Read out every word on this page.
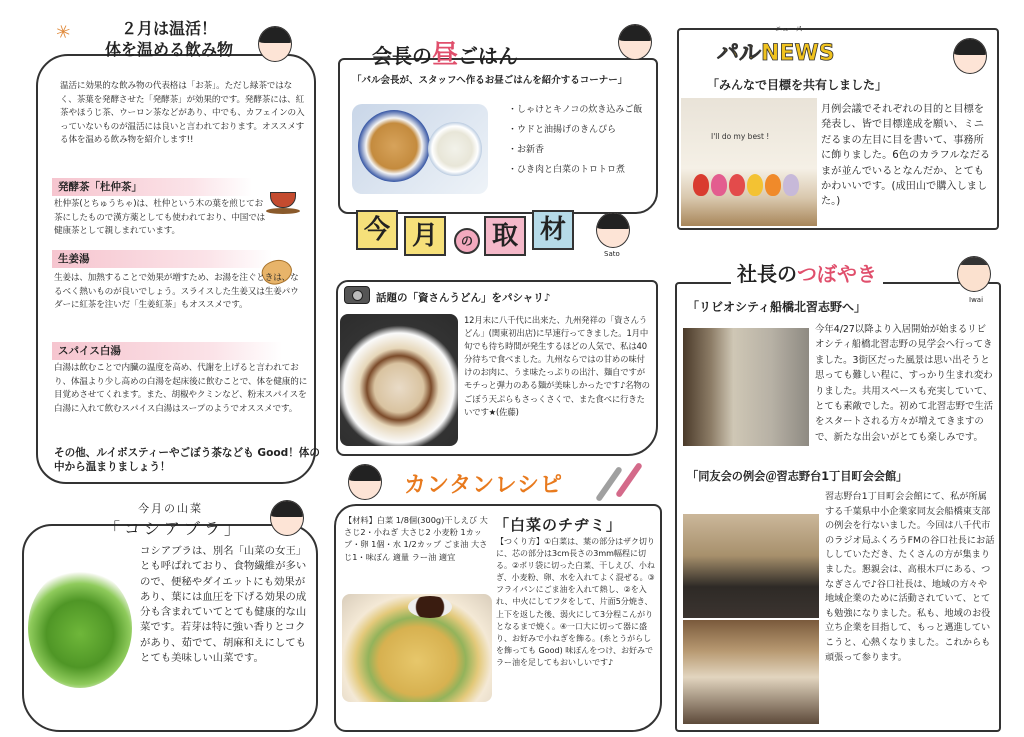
✳	２月は温活！
体を温める飲み物

温活に効果的な飲み物の代表格は「お茶」。ただし緑茶ではなく、茶葉を発酵させた「発酵茶」が効果的です。発酵茶には、紅茶やほうじ茶、ウーロン茶などがあり、中でも、カフェインの入っていないものが温活には良いと言われております。オススメする体を温める飲み物を紹介します!!

発酵茶「杜仲茶」

杜仲茶(とちゅうちゃ)は、杜仲という木の葉を煎じてお茶にしたもので漢方薬としても使われており、中国では健康茶として親しまれています。

生姜湯

生姜は、加熱することで効果が増すため、お湯を注ぐときは、なるべく熱いものが良いでしょう。スライスした生姜又は生姜パウダーに紅茶を注いだ「生姜紅茶」もオススメです。

スパイス白湯

白湯は飲むことで内臓の温度を高め、代謝を上げると言われており、体温より少し高めの白湯を起床後に飲むことで、体を健康的に目覚めさせてくれます。また、胡椒やクミンなど、粉末スパイスを白湯に入れて飲むスパイス白湯はスープのようでオススメです。

その他、ルイボスティーやごぼう茶なども Good！体の中から温まりましょう！

今月の山菜
「コシアブラ」

コシアブラは、別名「山菜の女王」とも呼ばれており、食物繊維が多いので、便秘やダイエットにも効果があり、葉には血圧を下げる効果の成分も含まれていてとても健康的な山菜です。若芽は特に強い香りとコクがあり、茹でて、胡麻和えにしてもとても美味しい山菜です。

会長の昼ごはん
「パル会長が、スタッフへ作るお昼ごはんを紹介するコーナー」
・しゃけとキノコの炊き込みご飯
・ウドと油揚げのきんぴら
・お新香
・ひき肉と白菜のトロトロ煮
今 月	の 取 材
Sato
話題の「資さんうどん」をパシャリ♪

12月末に八千代に出来た、九州発祥の「資さんうどん」(関東初出店)に早速行ってきました。1月中旬でも待ち時間が発生するほどの人気で、私は40分待ちで食べました。九州ならではの甘めの味付けのお肉に、うま味たっぷりの出汁、麺自ですがモチっと弾力のある麺が美味しかったです♪名物のごぼう天ぷらもさっくさくで、また食べに行きたいです★(佐藤)

カンタンレシピ

【材料】白菜 1/8個(300g)干しえび 大さじ2・小ねぎ 大さじ2 小麦粉 1カップ・卵 1個・水 1/2カップ ごま油 大さじ1・味ぽん 適量 ラー油 適宜

「白菜のチヂミ」

【つくり方】①白菜は、葉の部分はザク切りに、芯の部分は3cm長さの3mm幅程に切る。②ボリ袋に切った白菜、干しえび、小ねぎ、小麦粉、卵、水を入れてよく混ぜる。③フライパンにごま油を入れて熱し、②を入れ、中火にしてフタをして、片面5分焼き、上下を返した後、弱火にして3分程こんがりとなるまで焼く。④一口大に切って器に盛り、お好みで小ねぎを飾る。(糸とうがらしを飾っても Good) 味ぽんをつけ、お好みでラー油を足してもおいしいです♪

ニュース
パルNEWS
「みんなで目標を共有しました」
I'll do my best !

月例会議でそれぞれの目的と目標を発表し、皆で目標達成を願い、ミニだるまの左目に目を書いて、事務所に飾りました。6色のカラフルなだるまが並んでいるとなんだか、とてもかわいいです。(成田山で購入しました。)

社長のつぼやき
Iwai
「リビオシティ船橋北習志野へ」

今年4/27以降より入居開始が始まるリビオシティ船橋北習志野の見学会へ行ってきました。3街区だった風景は思い出そうと思っても難しい程に、すっかり生まれ変わりました。共用スペースも充実していて、とても素敵でした。初めて北習志野で生活をスタートされる方々が増えてきますので、新たな出会いがとても楽しみです。

「同友会の例会＠習志野台1丁目町会会館」

習志野台1丁目町会会館にて、私が所属する千葉県中小企業家同友会船橋東支部の例会を行ないました。今回は八千代市のラジオ局ふくろうFMの谷口社長にお話ししていただき、たくさんの方が集まりました。懇親会は、高根木戸にある、つなぎさんで♪谷口社長は、地域の方々や地域企業のために活動されていて、とても勉強になりました。私も、地域のお役立ち企業を目指して、もっと邁進していこうと、心熱くなりました。これからも頑張って参ります。
